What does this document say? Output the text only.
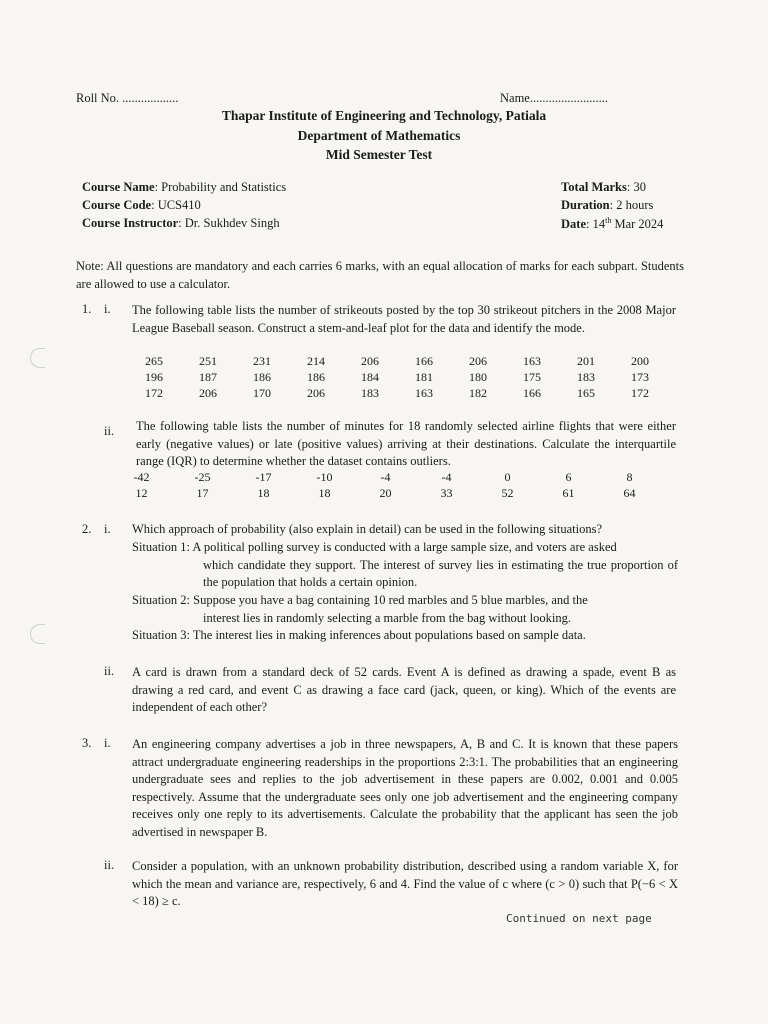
Roll No. ..................	Name.........................
Thapar Institute of Engineering and Technology, Patiala
Department of Mathematics
Mid Semester Test
Course Name: Probability and Statistics
Course Code: UCS410
Course Instructor: Dr. Sukhdev Singh
Total Marks: 30
Duration: 2 hours
Date: 14th Mar 2024
Note: All questions are mandatory and each carries 6 marks, with an equal allocation of marks for each subpart. Students are allowed to use a calculator.
1. i. The following table lists the number of strikeouts posted by the top 30 strikeout pitchers in the 2008 Major League Baseball season. Construct a stem-and-leaf plot for the data and identify the mode.
265	251	231	214	206	166	206	163	201	200
196	187	186	186	184	181	180	175	183	173
172	206	170	206	183	163	182	166	165	172
ii. The following table lists the number of minutes for 18 randomly selected airline flights that were either early (negative values) or late (positive values) arriving at their destinations. Calculate the interquartile range (IQR) to determine whether the dataset contains outliers.
-42	-25	-17	-10	-4	-4	0	6	8
12	17	18	18	20	33	52	61	64
2. i. Which approach of probability (also explain in detail) can be used in the following situations?
Situation 1: A political polling survey is conducted with a large sample size, and voters are asked
which candidate they support. The interest of survey lies in estimating the true proportion of the population that holds a certain opinion.
Situation 2: Suppose you have a bag containing 10 red marbles and 5 blue marbles, and the
interest lies in randomly selecting a marble from the bag without looking.
Situation 3: The interest lies in making inferences about populations based on sample data.
ii. A card is drawn from a standard deck of 52 cards. Event A is defined as drawing a spade, event B as drawing a red card, and event C as drawing a face card (jack, queen, or king). Which of the events are independent of each other?
3. i. An engineering company advertises a job in three newspapers, A, B and C. It is known that these papers attract undergraduate engineering readerships in the proportions 2:3:1. The probabilities that an engineering undergraduate sees and replies to the job advertisement in these papers are 0.002, 0.001 and 0.005 respectively. Assume that the undergraduate sees only one job advertisement and the engineering company receives only one reply to its advertisements. Calculate the probability that the applicant has seen the job advertised in newspaper B.
ii. Consider a population, with an unknown probability distribution, described using a random variable X, for which the mean and variance are, respectively, 6 and 4. Find the value of c where (c > 0) such that P(−6 < X < 18) ≥ c.
Continued on next page
